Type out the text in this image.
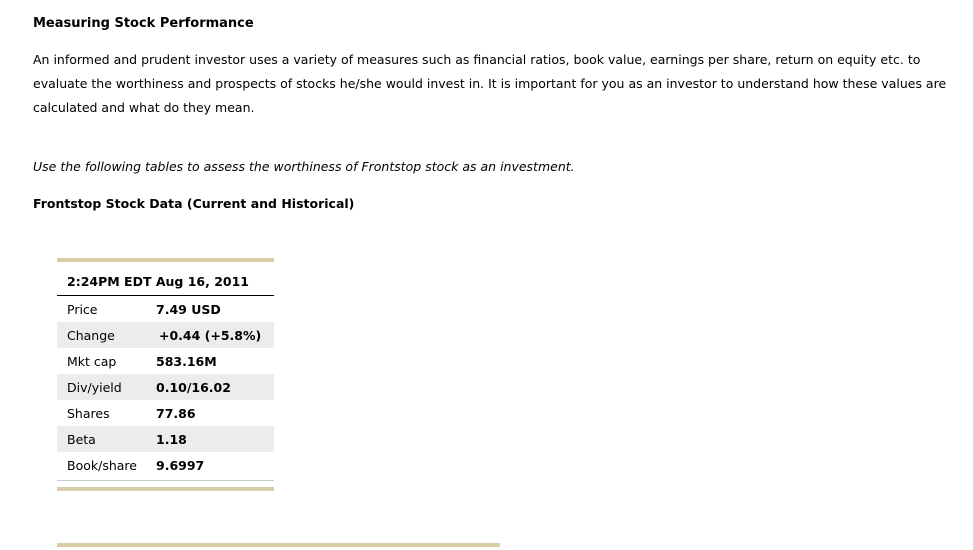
Measuring Stock Performance
An informed and prudent investor uses a variety of measures such as financial ratios, book value, earnings per share, return on equity etc. to evaluate the worthiness and prospects of stocks he/she would invest in. It is important for you as an investor to understand how these values are calculated and what do they mean.
Use the following tables to assess the worthiness of Frontstop stock as an investment.
Frontstop Stock Data (Current and Historical)
2:24PM EDT Aug 16, 2011
Price	7.49 USD
Change	+0.44 (+5.8%)
Mkt cap	583.16M
Div/yield	0.10/16.02
Shares	77.86
Beta	1.18
Book/share	9.6997
